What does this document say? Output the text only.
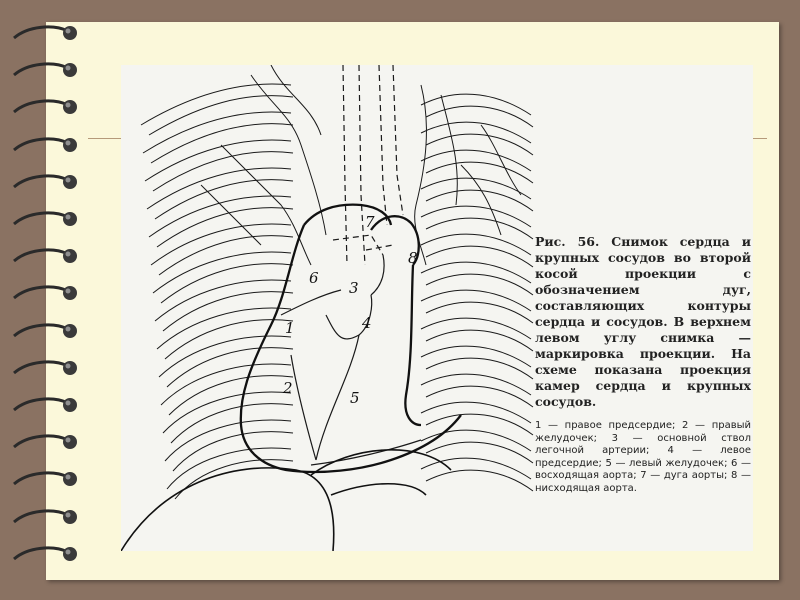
1
2
3
4
5
6
7
8

Рис. 56. Снимок сердца и крупных сосудов во второй косой проекции с обозначением дуг, составляющих контуры сердца и сосудов. В верхнем левом углу снимка — маркировка проекции. На схеме показана проекция камер сердца и крупных сосудов.

1 — правое предсердие; 2 — правый желудочек; 3 — основной ствол легочной артерии; 4 — левое предсердие; 5 — левый желудочек; 6 — восходящая аорта; 7 — дуга аорты; 8 — нисходящая аорта.
